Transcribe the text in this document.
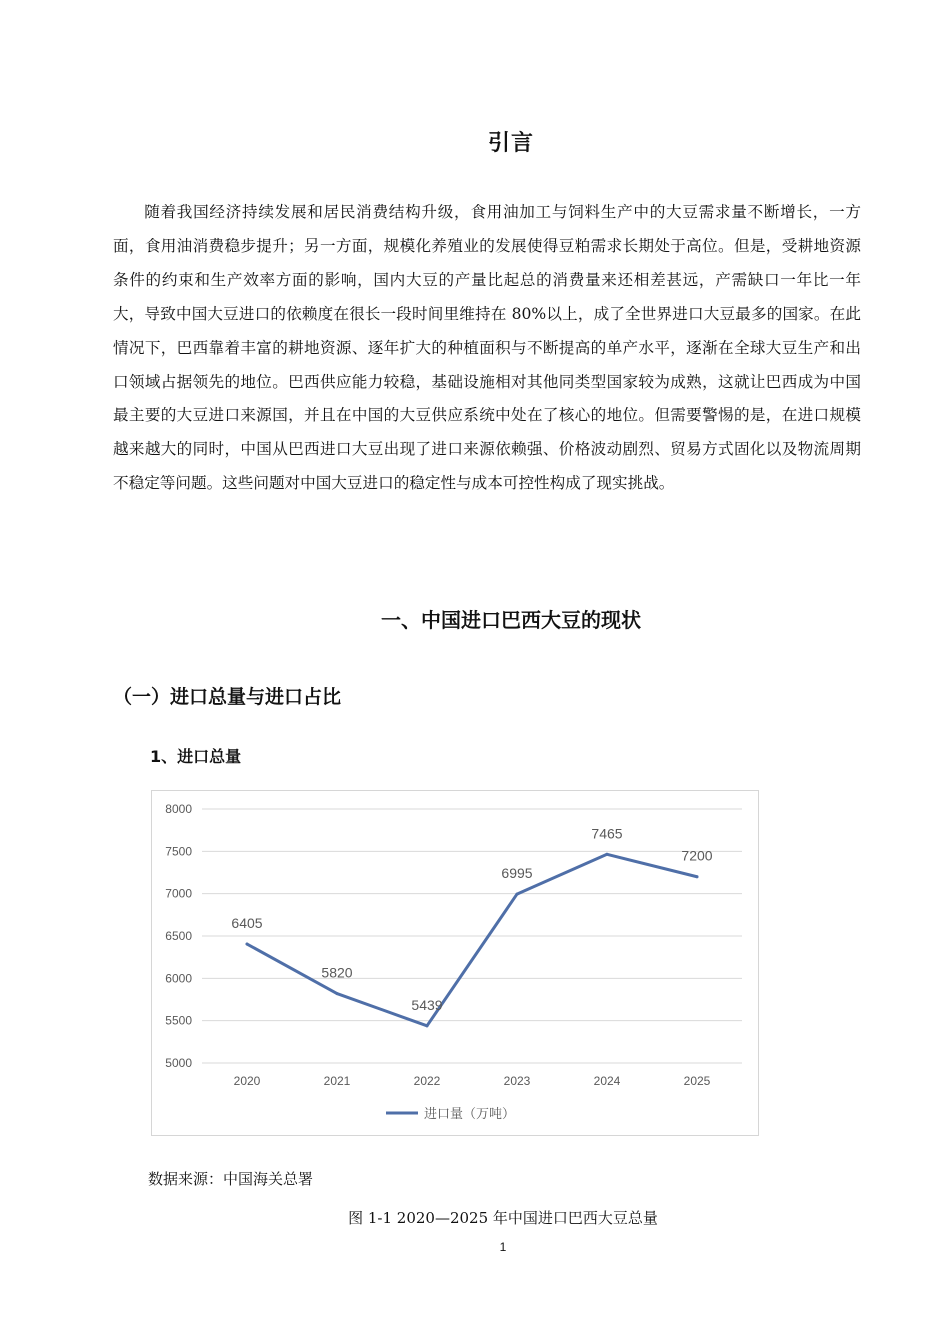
引言

随着我国经济持续发展和居民消费结构升级，食用油加工与饲料生产中的大豆需求量不断增长，一方面，食用油消费稳步提升；另一方面，规模化养殖业的发展使得豆粕需求长期处于高位。但是，受耕地资源条件的约束和生产效率方面的影响，国内大豆的产量比起总的消费量来还相差甚远，产需缺口一年比一年大，导致中国大豆进口的依赖度在很长一段时间里维持在 80%以上，成了全世界进口大豆最多的国家。在此情况下，巴西靠着丰富的耕地资源、逐年扩大的种植面积与不断提高的单产水平，逐渐在全球大豆生产和出口领域占据领先的地位。巴西供应能力较稳，基础设施相对其他同类型国家较为成熟，这就让巴西成为中国最主要的大豆进口来源国，并且在中国的大豆供应系统中处在了核心的地位。但需要警惕的是，在进口规模越来越大的同时，中国从巴西进口大豆出现了进口来源依赖强、价格波动剧烈、贸易方式固化以及物流周期不稳定等问题。这些问题对中国大豆进口的稳定性与成本可控性构成了现实挑战。

一、中国进口巴西大豆的现状
（一）进口总量与进口占比
1、进口总量
5000
5500
6000
6500
7000
7500
8000
2020	2021	2022	2023	2024	2025
6405
5820
5439
6995
7465
7200
进口量（万吨）
数据来源：中国海关总署
图 1-1 2020—2025 年中国进口巴西大豆总量
1
